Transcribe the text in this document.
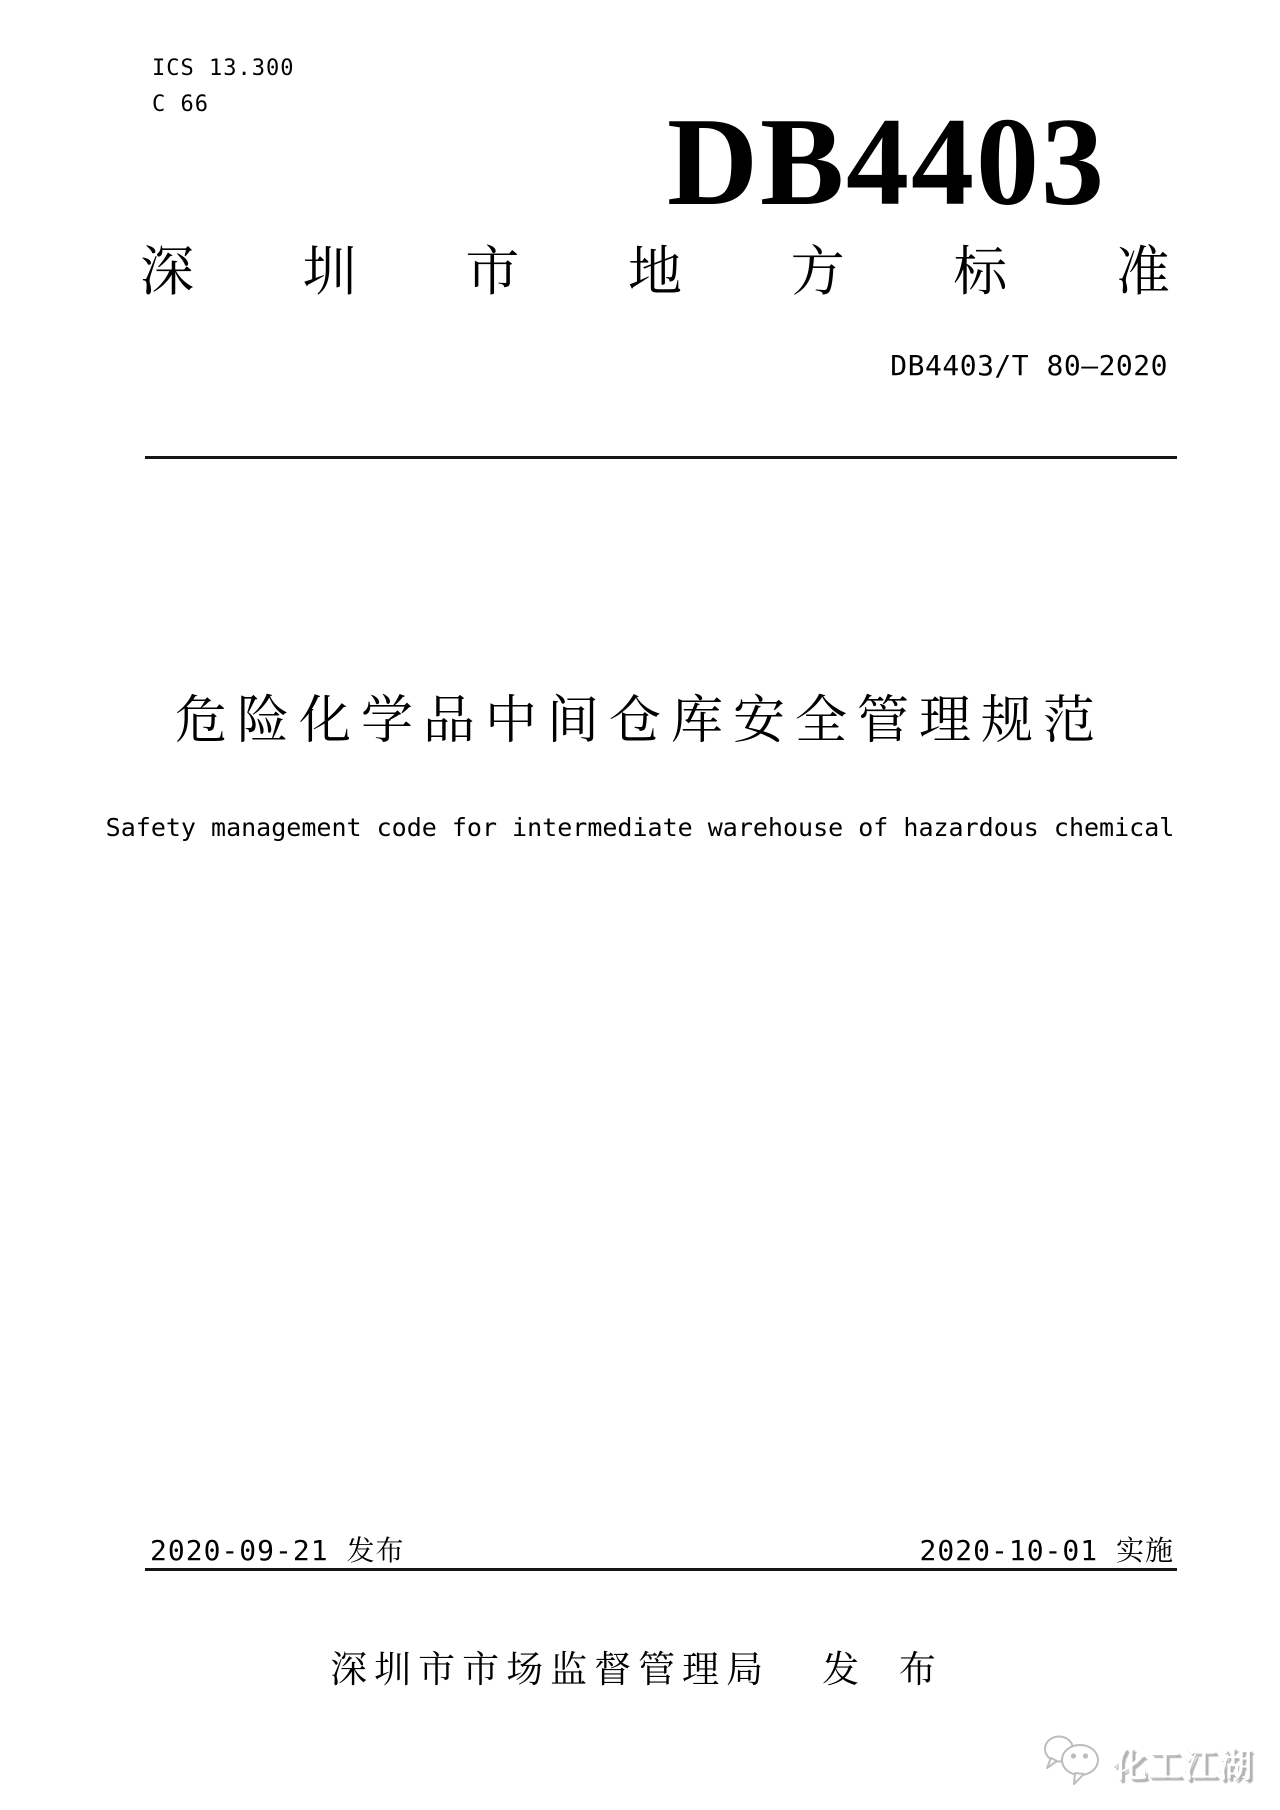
ICS 13.300
C 66	DB4403
深 圳 市 地 方 标 准
DB4403/T 80—2020
危险化学品中间仓库安全管理规范
Safety management code for intermediate warehouse of hazardous chemical
2020-09-21 发布	2020-10-01 实施
深圳市市场监督管理局 发 布
化工江湖
